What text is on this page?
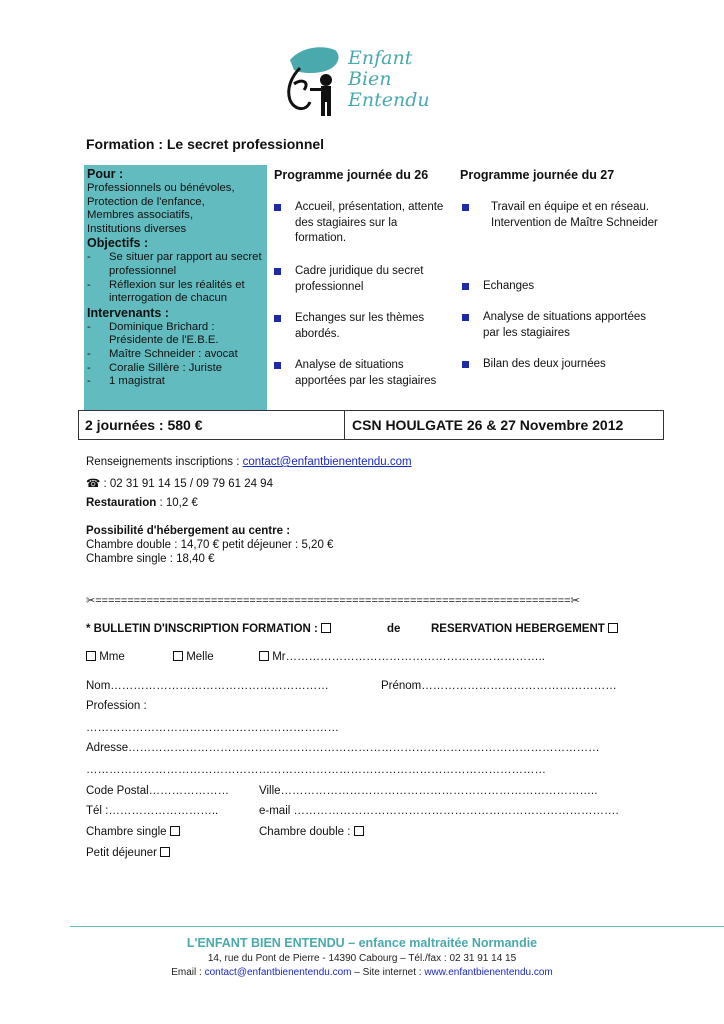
Enfant
Bien
Entendu
Formation : Le secret professionnel
Pour :
Professionnels ou bénévoles,
Protection de l'enfance,
Membres associatifs,
Institutions diverses
Objectifs :
-	Se situer par rapport au secret professionnel
-	Réflexion sur les réalités et interrogation de chacun
Intervenants :
-	Dominique Brichard : Présidente de l'E.B.E.
-	Maître Schneider : avocat
-	Coralie Sillère : Juriste
-	1 magistrat
Programme journée du 26
Accueil, présentation, attente des stagiaires sur la formation.
Cadre juridique du secret professionnel
Echanges sur les thèmes abordés.
Analyse de situations apportées par les stagiaires
Programme journée du 27
Travail en équipe et en réseau.
Intervention de Maître Schneider
Echanges
Analyse de situations apportées par les stagiaires
Bilan des deux journées
2 journées : 580 €	CSN HOULGATE 26 & 27 Novembre 2012
Renseignements inscriptions : contact@enfantbienentendu.com
☎ : 02 31 91 14 15 / 09 79 61 24 94
Restauration : 10,2 €
Possibilité d'hébergement au centre :
Chambre double : 14,70 € petit déjeuner : 5,20 €
Chambre single : 18,40 €
✂==========================================================================✂
* BULLETIN D'INSCRIPTION FORMATION :	de	RESERVATION HEBERGEMENT
Mme	Melle	Mr…………………………………………………………..
Nom…………………………………………………	Prénom……………………………………………
Profession :
…………………………………………………………
Adresse……………………………………………………………………………………………………………
…………………………………………………………………………………………………………
Code Postal…………………	Ville………………………………………………………………………..
Tél :………………………..	e-mail ………………………………………………………………………….
Chambre single	Chambre double :
Petit déjeuner
L'ENFANT BIEN ENTENDU – enfance maltraitée Normandie
14, rue du Pont de Pierre - 14390 Cabourg – Tél./fax : 02 31 91 14 15
Email : contact@enfantbienentendu.com – Site internet : www.enfantbienentendu.com
